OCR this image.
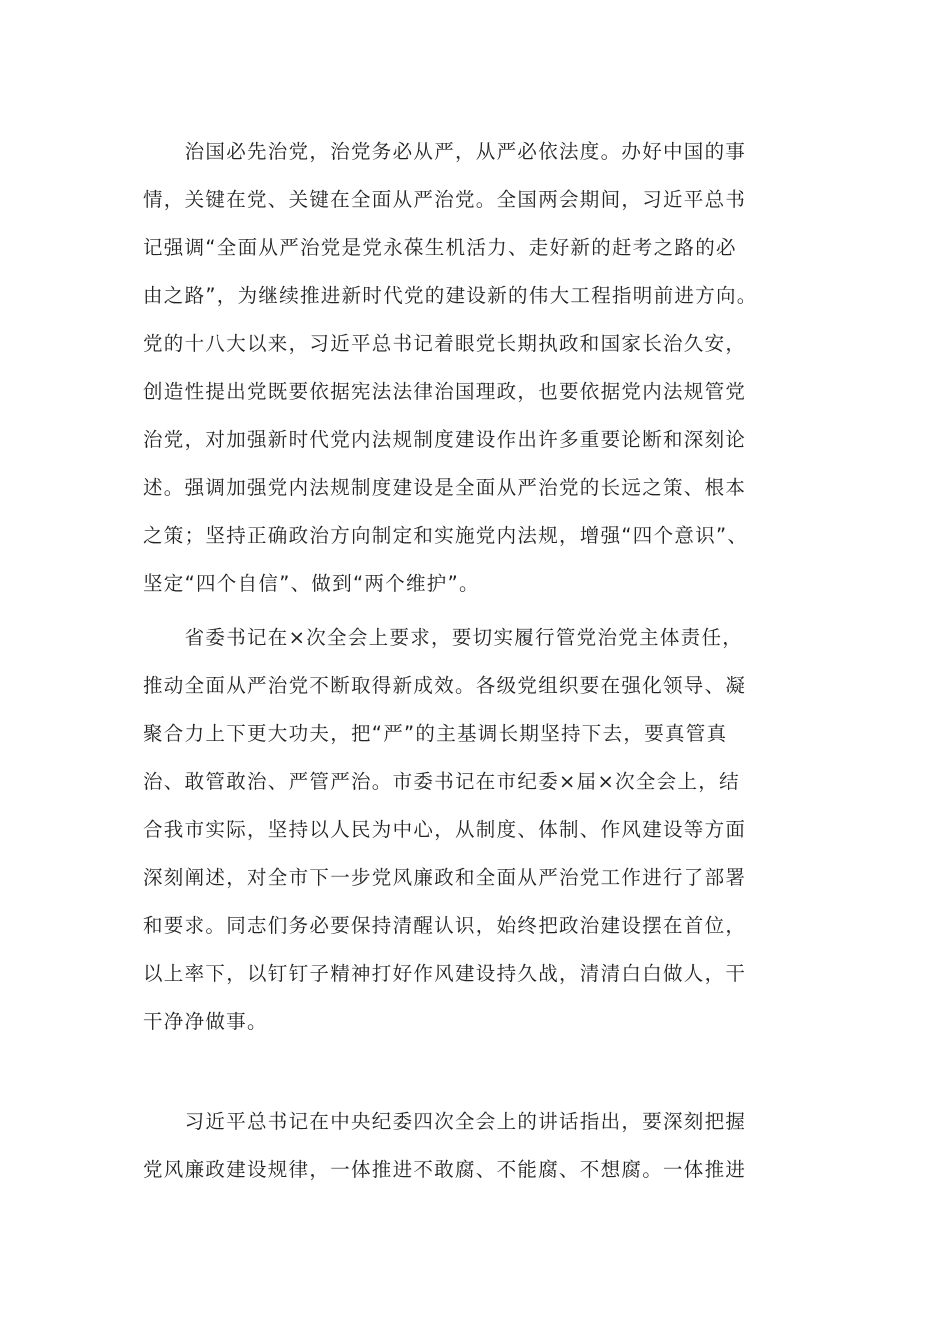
　　治国必先治党，治党务必从严，从严必依法度。办好中国的事
情，关键在党、关键在全面从严治党。全国两会期间，习近平总书
记强调“全面从严治党是党永葆生机活力、走好新的赶考之路的必
由之路”，为继续推进新时代党的建设新的伟大工程指明前进方向。
党的十八大以来，习近平总书记着眼党长期执政和国家长治久安，
创造性提出党既要依据宪法法律治国理政，也要依据党内法规管党
治党，对加强新时代党内法规制度建设作出许多重要论断和深刻论
述。强调加强党内法规制度建设是全面从严治党的长远之策、根本
之策；坚持正确政治方向制定和实施党内法规，增强“四个意识”、
坚定“四个自信”、做到“两个维护”。
　　省委书记在×次全会上要求，要切实履行管党治党主体责任，
推动全面从严治党不断取得新成效。各级党组织要在强化领导、凝
聚合力上下更大功夫，把“严”的主基调长期坚持下去，要真管真
治、敢管敢治、严管严治。市委书记在市纪委×届×次全会上，结
合我市实际，坚持以人民为中心，从制度、体制、作风建设等方面
深刻阐述，对全市下一步党风廉政和全面从严治党工作进行了部署
和要求。同志们务必要保持清醒认识，始终把政治建设摆在首位，
以上率下，以钉钉子精神打好作风建设持久战，清清白白做人，干
干净净做事。
　　习近平总书记在中央纪委四次全会上的讲话指出，要深刻把握
党风廉政建设规律，一体推进不敢腐、不能腐、不想腐。一体推进
